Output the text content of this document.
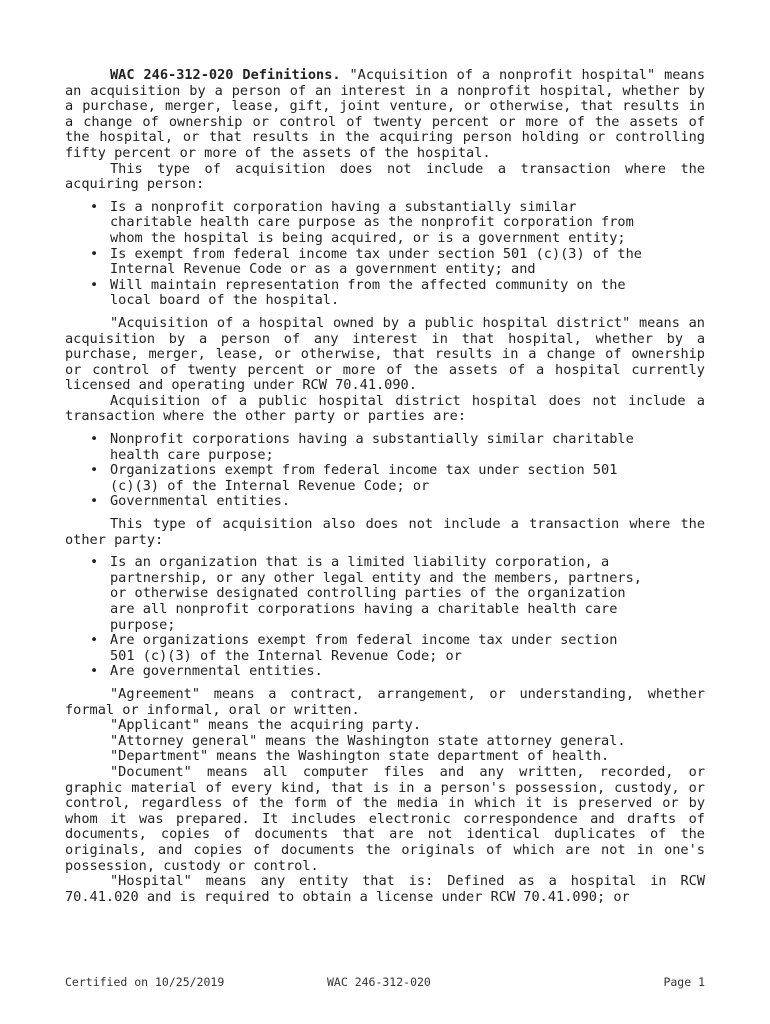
WAC 246-312-020 Definitions. "Acquisition of a nonprofit hospital" means an acquisition by a person of an interest in a nonprofit hospital, whether by a purchase, merger, lease, gift, joint venture, or otherwise, that results in a change of ownership or control of twenty percent or more of the assets of the hospital, or that results in the acquiring person holding or controlling fifty percent or more of the assets of the hospital.

This type of acquisition does not include a transaction where the acquiring person:

• Is a nonprofit corporation having a substantially similar charitable health care purpose as the nonprofit corporation from whom the hospital is being acquired, or is a government entity;
• Is exempt from federal income tax under section 501 (c)(3) of the Internal Revenue Code or as a government entity; and
• Will maintain representation from the affected community on the local board of the hospital.

"Acquisition of a hospital owned by a public hospital district" means an acquisition by a person of any interest in that hospital, whether by a purchase, merger, lease, or otherwise, that results in a change of ownership or control of twenty percent or more of the assets of a hospital currently licensed and operating under RCW 70.41.090.

Acquisition of a public hospital district hospital does not include a transaction where the other party or parties are:

• Nonprofit corporations having a substantially similar charitable health care purpose;
• Organizations exempt from federal income tax under section 501 (c)(3) of the Internal Revenue Code; or
• Governmental entities.

This type of acquisition also does not include a transaction where the other party:

• Is an organization that is a limited liability corporation, a partnership, or any other legal entity and the members, partners, or otherwise designated controlling parties of the organization are all nonprofit corporations having a charitable health care purpose;
• Are organizations exempt from federal income tax under section 501 (c)(3) of the Internal Revenue Code; or
• Are governmental entities.

"Agreement" means a contract, arrangement, or understanding, whether formal or informal, oral or written.

"Applicant" means the acquiring party.

"Attorney general" means the Washington state attorney general.

"Department" means the Washington state department of health.

"Document" means all computer files and any written, recorded, or graphic material of every kind, that is in a person's possession, custody, or control, regardless of the form of the media in which it is preserved or by whom it was prepared. It includes electronic correspondence and drafts of documents, copies of documents that are not identical duplicates of the originals, and copies of documents the originals of which are not in one's possession, custody or control.

"Hospital" means any entity that is: Defined as a hospital in RCW 70.41.020 and is required to obtain a license under RCW 70.41.090; or

Certified on 10/25/2019	WAC 246-312-020	Page 1
